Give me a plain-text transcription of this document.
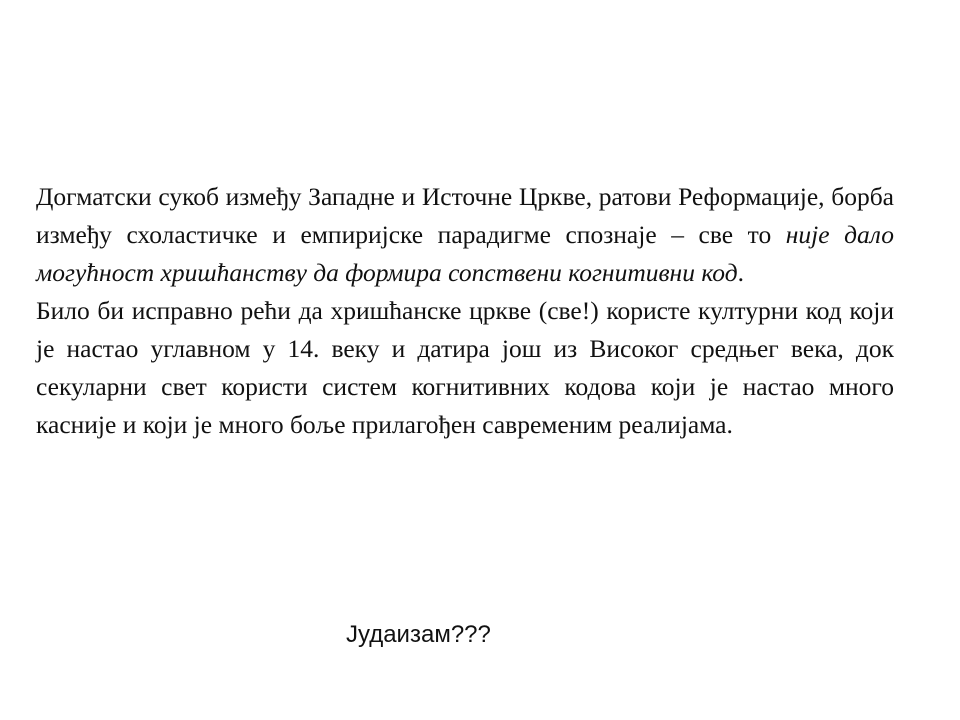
Догматски сукоб између Западне и Источне Цркве, ратови Реформације, борба између схоластичке и емпиријске парадигме спознаје – све то није дало могућност хришћанству да формира сопствени когнитивни код.

Било би исправно рећи да хришћанске цркве (све!) користе културни код који је настао углавном у 14. веку и датира још из Високог средњег века, док секуларни свет користи систем когнитивних кодова који је настао много касније и који је много боље прилагођен савременим реалијама.

Јудаизам???
